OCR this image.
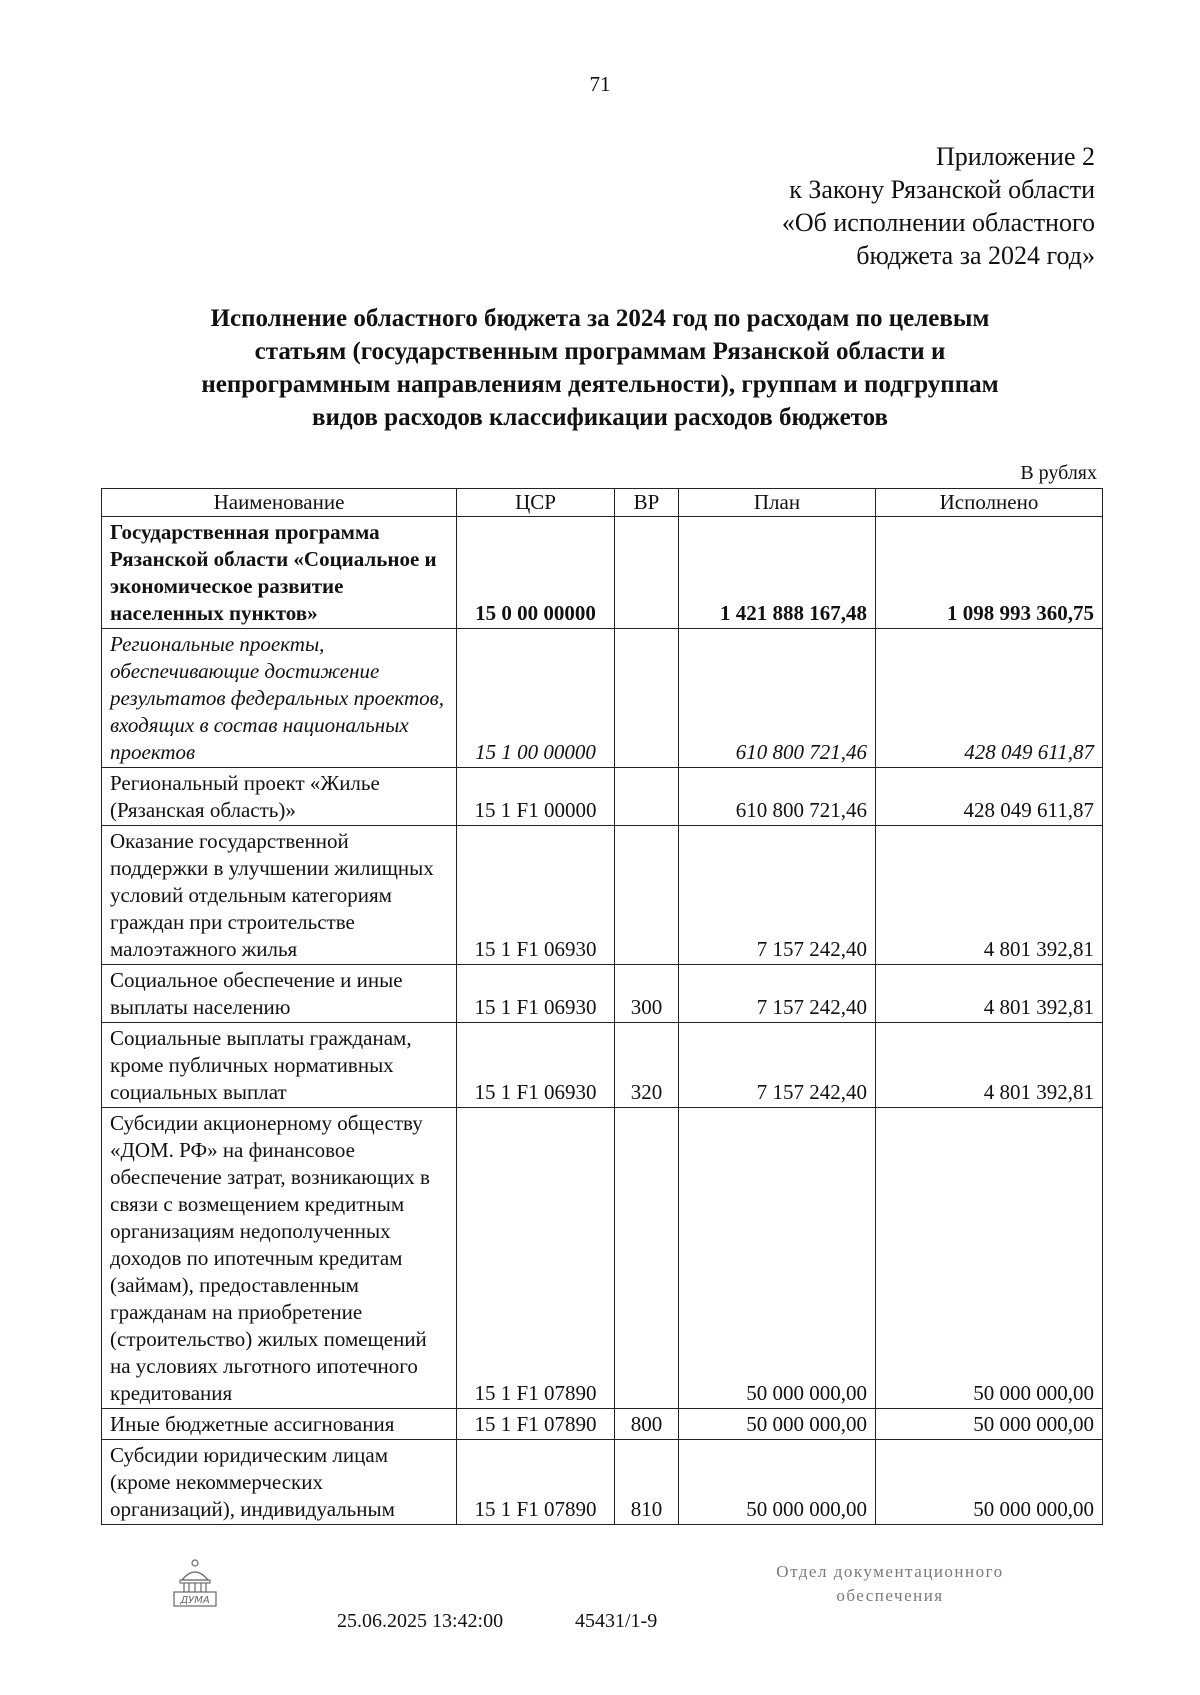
71
Приложение 2
к Закону Рязанской области
«Об исполнении областного
бюджета за 2024 год»
Исполнение областного бюджета за 2024 год по расходам по целевым
статьям (государственным программам Рязанской области и
непрограммным направлениям деятельности), группам и подгруппам
видов расходов классификации расходов бюджетов
В рублях
Наименование	ЦСР	ВР	План	Исполнено
Государственная программа Рязанской области «Социальное и экономическое развитие населенных пунктов»	15 0 00 00000		1 421 888 167,48	1 098 993 360,75
Региональные проекты, обеспечивающие достижение результатов федеральных проектов, входящих в состав национальных проектов	15 1 00 00000		610 800 721,46	428 049 611,87
Региональный проект «Жилье (Рязанская область)»	15 1 F1 00000		610 800 721,46	428 049 611,87
Оказание государственной поддержки в улучшении жилищных условий отдельным категориям граждан при строительстве малоэтажного жилья	15 1 F1 06930		7 157 242,40	4 801 392,81
Социальное обеспечение и иные выплаты населению	15 1 F1 06930	300	7 157 242,40	4 801 392,81
Социальные выплаты гражданам, кроме публичных нормативных социальных выплат	15 1 F1 06930	320	7 157 242,40	4 801 392,81
Субсидии акционерному обществу «ДОМ. РФ» на финансовое обеспечение затрат, возникающих в связи с возмещением кредитным организациям недополученных доходов по ипотечным кредитам (займам), предоставленным гражданам на приобретение (строительство) жилых помещений на условиях льготного ипотечного кредитования	15 1 F1 07890		50 000 000,00	50 000 000,00
Иные бюджетные ассигнования	15 1 F1 07890	800	50 000 000,00	50 000 000,00
Субсидии юридическим лицам (кроме некоммерческих организаций), индивидуальным	15 1 F1 07890	810	50 000 000,00	50 000 000,00
ДУМА
25.06.2025 13:42:00	45431/1-9
Отдел документационного
обеспечения
